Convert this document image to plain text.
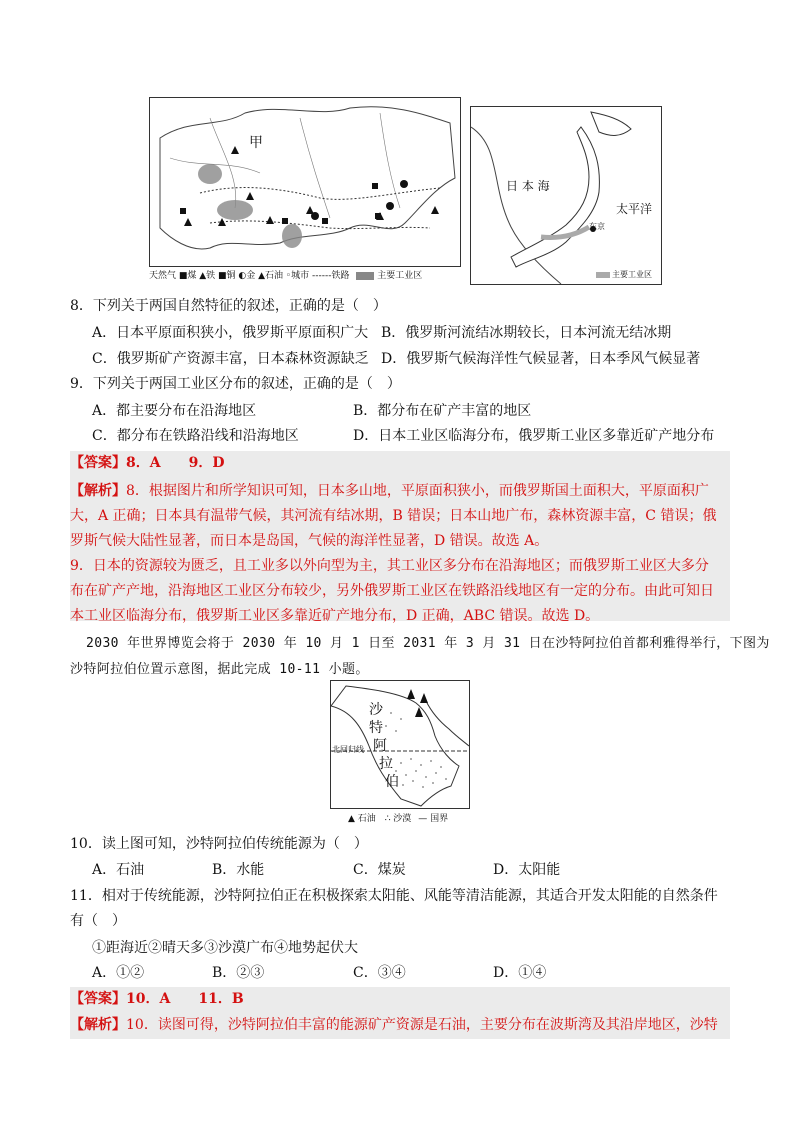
甲
天然气 ■煤 ▲铁 ■铜 ◐金 ▲石油 ◦城市 ------铁路	主要工业区
日 本 海
太平洋
东京
主要工业区
8．下列关于两国自然特征的叙述，正确的是（　）
A．日本平原面积狭小，俄罗斯平原面积广大 B．俄罗斯河流结冰期较长，日本河流无结冰期
C．俄罗斯矿产资源丰富，日本森林资源缺乏 D．俄罗斯气候海洋性气候显著，日本季风气候显著
9．下列关于两国工业区分布的叙述，正确的是（　）
A．都主要分布在沿海地区	B．都分布在矿产丰富的地区
C．都分布在铁路沿线和沿海地区	D．日本工业区临海分布，俄罗斯工业区多靠近矿产地分布
【答案】8．A　　9．D
【解析】8．根据图片和所学知识可知，日本多山地，平原面积狭小，而俄罗斯国土面积大，平原面积广
大，A 正确；日本具有温带气候，其河流有结冰期，B 错误；日本山地广布，森林资源丰富，C 错误；俄
罗斯气候大陆性显著，而日本是岛国，气候的海洋性显著，D 错误。故选 A。
9．日本的资源较为匮乏，且工业多以外向型为主，其工业区多分布在沿海地区；而俄罗斯工业区大多分
布在矿产产地，沿海地区工业区分布较少，另外俄罗斯工业区在铁路沿线地区有一定的分布。由此可知日
本工业区临海分布，俄罗斯工业区多靠近矿产地分布，D 正确，ABC 错误。故选 D。
2030 年世界博览会将于 2030 年 10 月 1 日至 2031 年 3 月 31 日在沙特阿拉伯首都利雅得举行，下图为
沙特阿拉伯位置示意图，据此完成 10-11 小题。
沙
特
阿
拉
伯
北回归线
▲ 石油 ∴ 沙漠 — 国界
10．读上图可知，沙特阿拉伯传统能源为（　）
A．石油	B．水能	C．煤炭	D．太阳能
11．相对于传统能源，沙特阿拉伯正在积极探索太阳能、风能等清洁能源，其适合开发太阳能的自然条件
有（　）
①距海近②晴天多③沙漠广布④地势起伏大
A．①②	B．②③	C．③④	D．①④
【答案】10．A　　11．B
【解析】10．读图可得，沙特阿拉伯丰富的能源矿产资源是石油，主要分布在波斯湾及其沿岸地区，沙特
